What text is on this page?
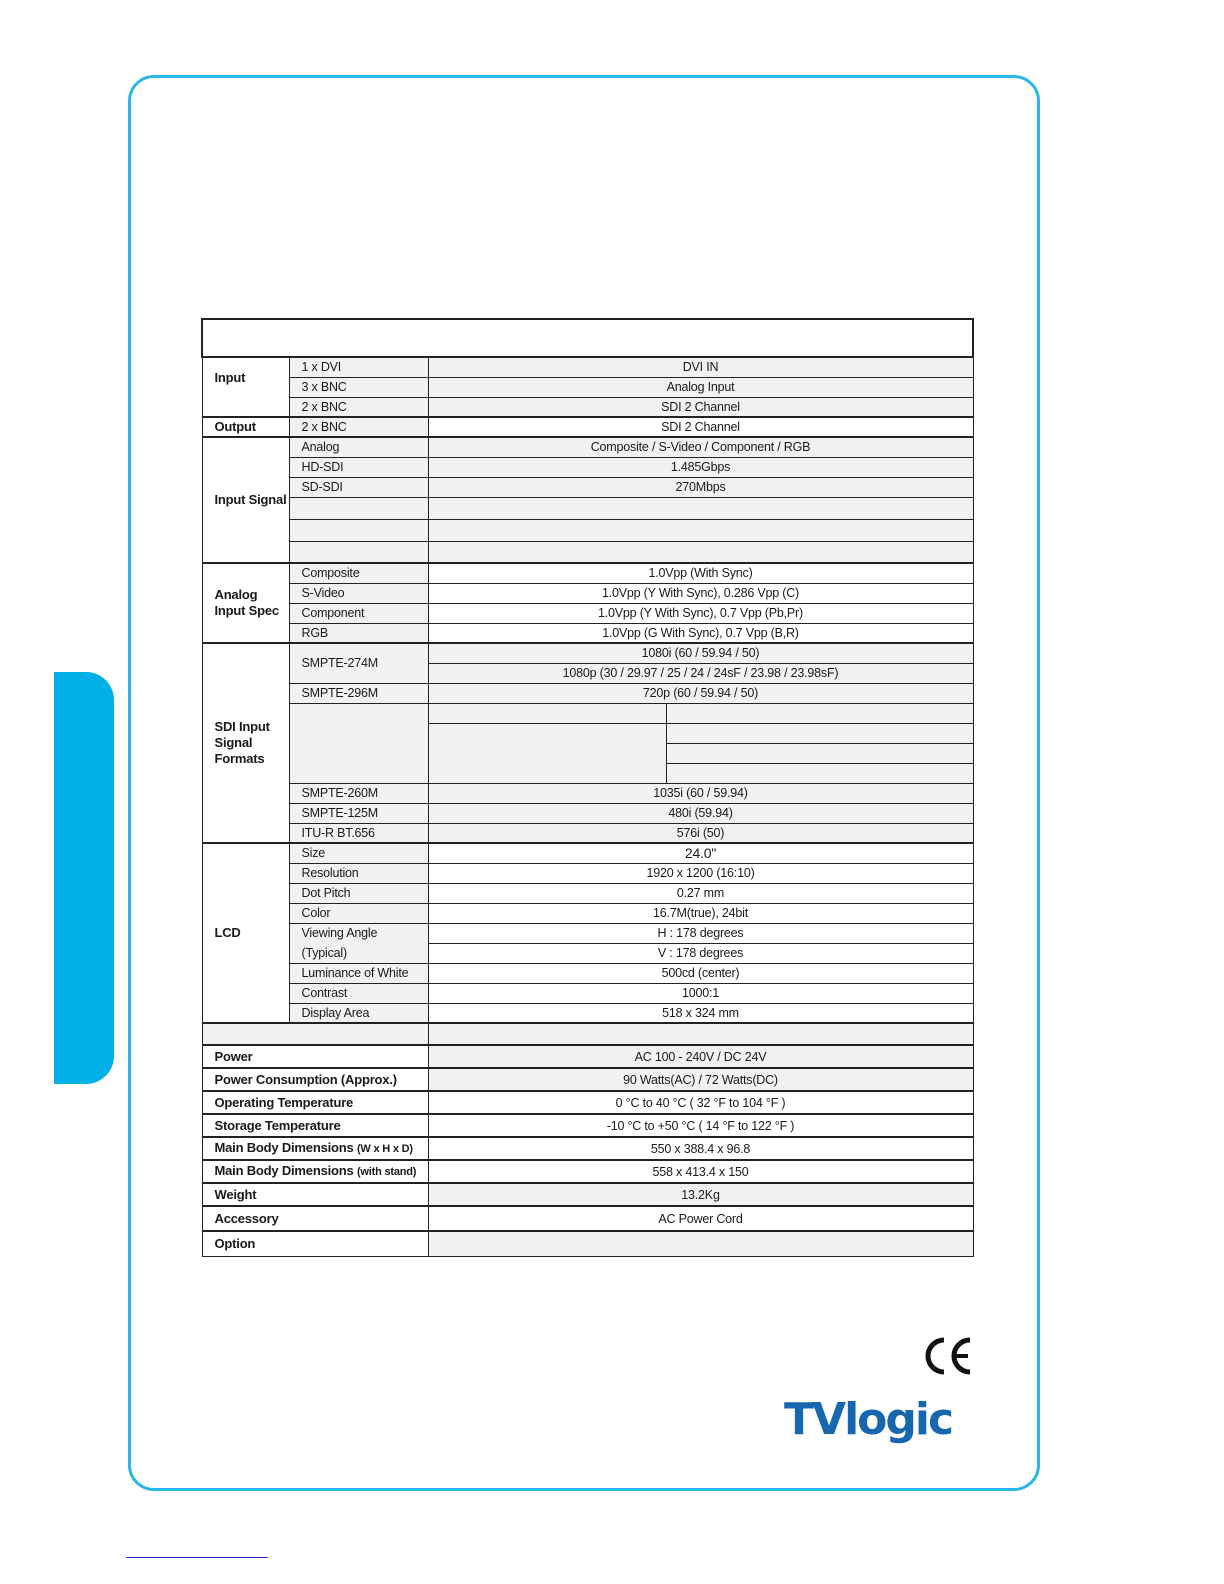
Input	1 x DVI	DVI IN	
	3 x BNC	Analog Input	
	2 x BNC	SDI 2 Channel	
Output	2 x BNC	SDI 2 Channel	
Input Signal	Analog	Composite / S-Video / Component / RGB	
	HD-SDI	1.485Gbps	
	SD-SDI	270Mbps	

Analog Input Spec	Composite	1.0Vpp (With Sync)	
	S-Video	1.0Vpp (Y With Sync), 0.286 Vpp (C)	
	Component	1.0Vpp (Y With Sync), 0.7 Vpp (Pb,Pr)	
	RGB	1.0Vpp (G With Sync), 0.7 Vpp (B,R)	
SDI Input Signal Formats	SMPTE-274M	1080i (60 / 59.94 / 50)	
		1080p (30 / 29.97 / 25 / 24 / 24sF / 23.98 / 23.98sF)	
	SMPTE-296M	720p (60 / 59.94 / 50)	

	SMPTE-260M	1035i (60 / 59.94)	
	SMPTE-125M	480i (59.94)	
	ITU-R BT.656	576i (50)	
LCD	Size	24.0"	
	Resolution	1920 x 1200 (16:10)	
	Dot Pitch	0.27 mm	
	Color	16.7M(true), 24bit	
	Viewing Angle	H : 178 degrees	
	(Typical)	V : 178 degrees	
	Luminance of White	500cd (center)	
	Contrast	1000:1	
	Display Area	518 x 324 mm	

Power		AC 100 - 240V / DC 24V	
Power Consumption (Approx.)		90 Watts(AC) / 72 Watts(DC)	
Operating Temperature		0 °C to 40 °C ( 32 °F to 104 °F )	
Storage Temperature		-10 °C to +50 °C ( 14 °F to 122 °F )	
Main Body Dimensions (W x H x D)		550 x 388.4 x 96.8	
Main Body Dimensions (with stand)		558 x 413.4 x 150	
Weight		13.2Kg	
Accessory		AC Power Cord	
Option			
TVlogic
